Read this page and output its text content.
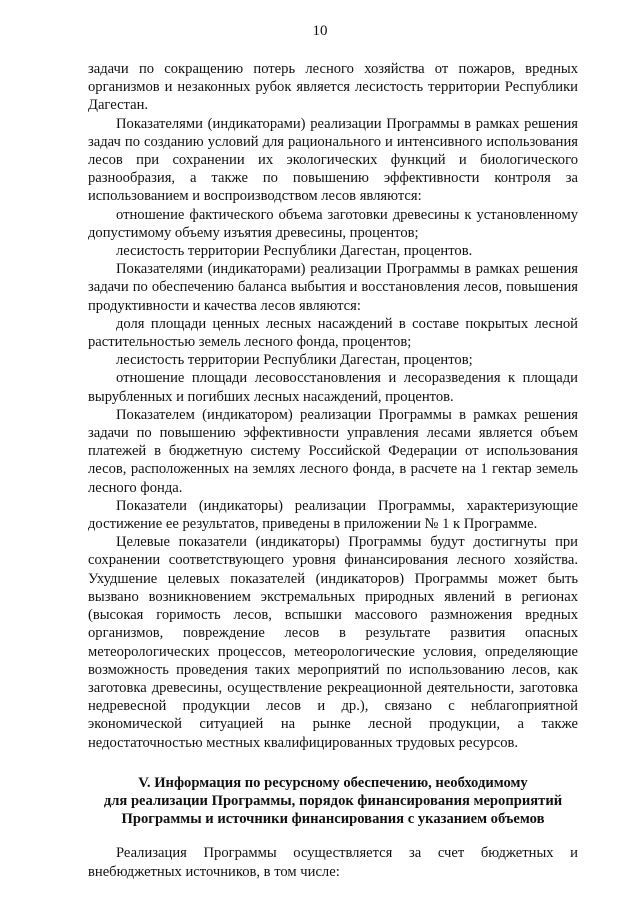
10

задачи по сокращению потерь лесного хозяйства от пожаров, вредных организмов и незаконных рубок является лесистость территории Республики Дагестан.

Показателями (индикаторами) реализации Программы в рамках решения задач по созданию условий для рационального и интенсивного использования лесов при сохранении их экологических функций и биологического разнообразия, а также по повышению эффективности контроля за использованием и воспроизводством лесов являются:

отношение фактического объема заготовки древесины к установленному допустимому объему изъятия древесины, процентов;

лесистость территории Республики Дагестан, процентов.

Показателями (индикаторами) реализации Программы в рамках решения задачи по обеспечению баланса выбытия и восстановления лесов, повышения продуктивности и качества лесов являются:

доля площади ценных лесных насаждений в составе покрытых лесной растительностью земель лесного фонда, процентов;

лесистость территории Республики Дагестан, процентов;

отношение площади лесовосстановления и лесоразведения к площади вырубленных и погибших лесных насаждений, процентов.

Показателем (индикатором) реализации Программы в рамках решения задачи по повышению эффективности управления лесами является объем платежей в бюджетную систему Российской Федерации от использования лесов, расположенных на землях лесного фонда, в расчете на 1 гектар земель лесного фонда.

Показатели (индикаторы) реализации Программы, характеризующие достижение ее результатов, приведены в приложении № 1 к Программе.

Целевые показатели (индикаторы) Программы будут достигнуты при сохранении соответствующего уровня финансирования лесного хозяйства. Ухудшение целевых показателей (индикаторов) Программы может быть вызвано возникновением экстремальных природных явлений в регионах (высокая горимость лесов, вспышки массового размножения вредных организмов, повреждение лесов в результате развития опасных метеорологических процессов, метеорологические условия, определяющие возможность проведения таких мероприятий по использованию лесов, как заготовка древесины, осуществление рекреационной деятельности, заготовка недревесной продукции лесов и др.), связано с неблагоприятной экономической ситуацией на рынке лесной продукции, а также недостаточностью местных квалифицированных трудовых ресурсов.

V. Информация по ресурсному обеспечению, необходимому
для реализации Программы, порядок финансирования мероприятий
Программы и источники финансирования с указанием объемов

Реализация Программы осуществляется за счет бюджетных и внебюджетных источников, в том числе:
